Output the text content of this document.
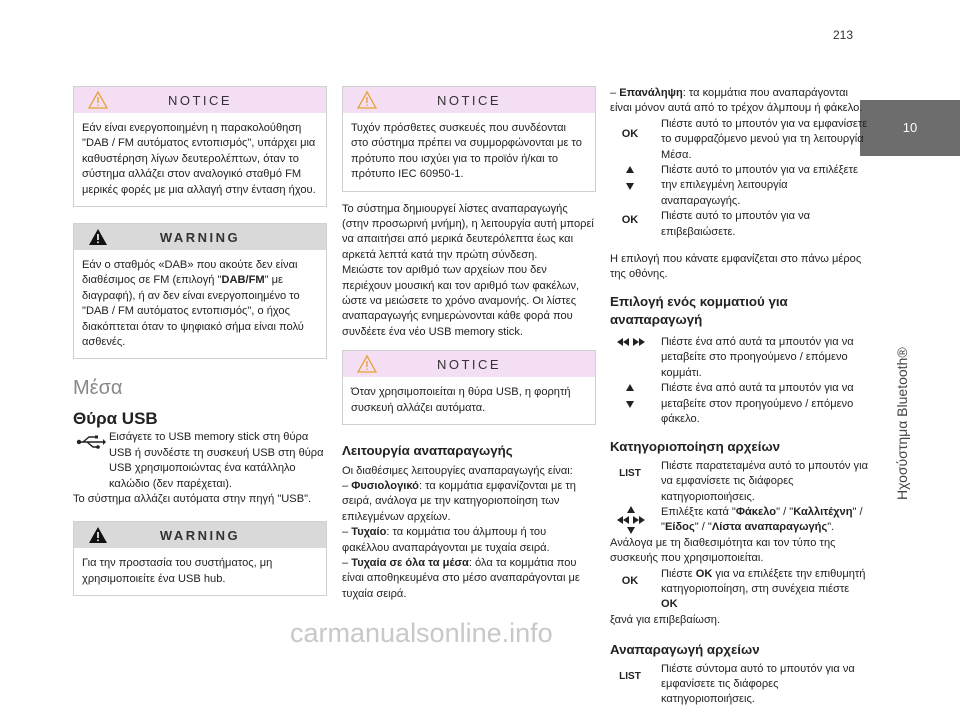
213
10
Ηχοσύστημα Bluetooth®
NOTICE
Εάν είναι ενεργοποιημένη η παρακολούθηση "DAB / FM αυτόματος εντοπισμός", υπάρχει μια καθυστέρηση λίγων δευτερολέπτων, όταν το σύστημα αλλάζει στον αναλογικό σταθμό FM μερικές φορές με μια αλλαγή στην ένταση ήχου.
WARNING
Εάν ο σταθμός «DAB» που ακούτε δεν είναι διαθέσιμος σε FM (επιλογή "DAB/FM" με διαγραφή), ή αν δεν είναι ενεργοποιημένο το "DAB / FM αυτόματος εντοπισμός", ο ήχος διακόπτεται όταν το ψηφιακό σήμα είναι πολύ ασθενές.
Μέσα
Θύρα USB

Εισάγετε το USB memory stick στη θύρα USB ή συνδέστε τη συσκευή USB στη θύρα USB χρησιμοποιώντας ένα κατάλληλο καλώδιο (δεν παρέχεται).

Το σύστημα αλλάζει αυτόματα στην πηγή "USB".

WARNING
Για την προστασία του συστήματος, μη χρησιμοποιείτε ένα USB hub.
NOTICE
Τυχόν πρόσθετες συσκευές που συνδέονται στο σύστημα πρέπει να συμμορφώνονται με το πρότυπο που ισχύει για το προϊόν ή/και το πρότυπο IEC 60950-1.

Το σύστημα δημιουργεί λίστες αναπαραγωγής (στην προσωρινή μνήμη), η λειτουργία αυτή μπορεί να απαιτήσει από μερικά δευτερόλεπτα έως και αρκετά λεπτά κατά την πρώτη σύνδεση.

Μειώστε τον αριθμό των αρχείων που δεν περιέχουν μουσική και τον αριθμό των φακέλων, ώστε να μειώσετε το χρόνο αναμονής. Οι λίστες αναπαραγωγής ενημερώνονται κάθε φορά που συνδέετε ένα νέο USB memory stick.

NOTICE
Όταν χρησιμοποιείται η θύρα USB, η φορητή συσκευή αλλάζει αυτόματα.
Λειτουργία αναπαραγωγής

Οι διαθέσιμες λειτουργίες αναπαραγωγής είναι:

– Φυσιολογικό: τα κομμάτια εμφανίζονται με τη σειρά, ανάλογα με την κατηγοριοποίηση των επιλεγμένων αρχείων.

– Τυχαίο: τα κομμάτια του άλμπουμ ή του φακέλλου αναπαράγονται με τυχαία σειρά.

– Τυχαία σε όλα τα μέσα: όλα τα κομμάτια που είναι αποθηκευμένα στο μέσο αναπαράγονται με τυχαία σειρά.

– Επανάληψη: τα κομμάτια που αναπαράγονται είναι μόνον αυτά από το τρέχον άλμπουμ ή φάκελο.

OK

Πιέστε αυτό το μπουτόν για να εμφανίσετε το συμφραζόμενο μενού για τη λειτουργία Μέσα.

Πιέστε αυτό το μπουτόν για να επιλέξετε την επιλεγμένη λειτουργία αναπαραγωγής.

OK	Πιέστε αυτό το μπουτόν για να επιβεβαιώσετε.

Η επιλογή που κάνατε εμφανίζεται στο πάνω μέρος της οθόνης.

Επιλογή ενός κομματιού για αναπαραγωγή

Πιέστε ένα από αυτά τα μπουτόν για να μεταβείτε στο προηγούμενο / επόμενο κομμάτι.

Πιέστε ένα από αυτά τα μπουτόν για να μεταβείτε στον προηγούμενο / επόμενο φάκελο.

Κατηγοριοποίηση αρχείων
LIST

Πιέστε παρατεταμένα αυτό το μπουτόν για να εμφανίσετε τις διάφορες κατηγοριοποιήσεις.

Επιλέξτε κατά "Φάκελο" / "Καλλιτέχνη" / "Είδος" / "Λίστα αναπαραγωγής".

Ανάλογα με τη διαθεσιμότητα και τον τύπο της συσκευής που χρησιμοποιείται.

OK

Πιέστε OK για να επιλέξετε την επιθυμητή κατηγοριοποίηση, στη συνέχεια πιέστε OK

ξανά για επιβεβαίωση.

Αναπαραγωγή αρχείων
LIST

Πιέστε σύντομα αυτό το μπουτόν για να εμφανίσετε τις διάφορες κατηγοριοποιήσεις.

carmanualsonline.info
